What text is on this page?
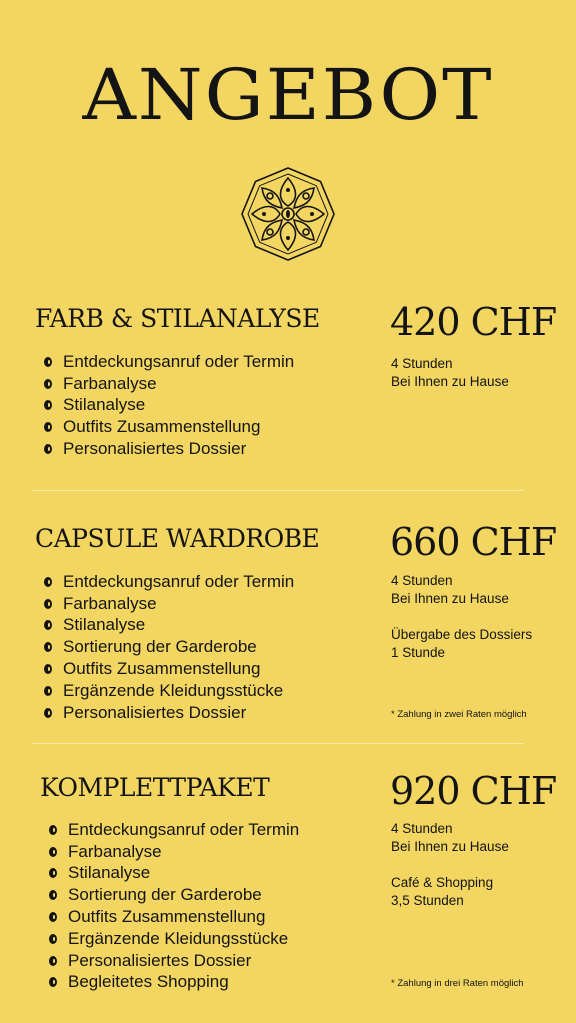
ANGEBOT
FARB & STILANALYSE 420 CHF
Entdeckungsanruf oder Termin
Farbanalyse
Stilanalyse
Outfits Zusammenstellung
Personalisiertes Dossier
4 Stunden
Bei Ihnen zu Hause
CAPSULE WARDROBE 660 CHF
Entdeckungsanruf oder Termin
Farbanalyse
Stilanalyse
Sortierung der Garderobe
Outfits Zusammenstellung
Ergänzende Kleidungsstücke
Personalisiertes Dossier
4 Stunden
Bei Ihnen zu Hause
Übergabe des Dossiers
1 Stunde
* Zahlung in zwei Raten möglich
KOMPLETTPAKET	920 CHF
Entdeckungsanruf oder Termin
Farbanalyse
Stilanalyse
Sortierung der Garderobe
Outfits Zusammenstellung
Ergänzende Kleidungsstücke
Personalisiertes Dossier
Begleitetes Shopping
4 Stunden
Bei Ihnen zu Hause
Café & Shopping
3,5 Stunden
* Zahlung in drei Raten möglich
